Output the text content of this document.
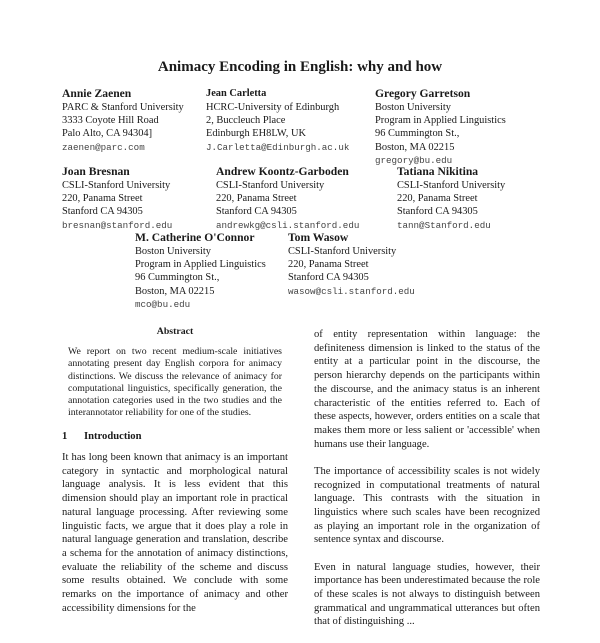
Animacy Encoding in English: why and how
Annie Zaenen
PARC & Stanford University
3333 Coyote Hill Road
Palo Alto, CA 94304]
zaenen@parc.com
Jean Carletta
HCRC-University of Edinburgh
2, Buccleuch Place
Edinburgh EH8LW, UK
J.Carletta@Edinburgh.ac.uk
Gregory Garretson
Boston University
Program in Applied Linguistics
96 Cummington St.,
Boston, MA 02215
gregory@bu.edu
Joan Bresnan
CSLI-Stanford University
220, Panama Street
Stanford CA 94305
bresnan@stanford.edu
Andrew Koontz-Garboden
CSLI-Stanford University
220, Panama Street
Stanford CA 94305
andrewkg@csli.stanford.edu
Tatiana Nikitina
CSLI-Stanford University
220, Panama Street
Stanford CA 94305
tann@Stanford.edu
M. Catherine O'Connor
Boston University
Program in Applied Linguistics
96 Cummington St.,
Boston, MA 02215
mco@bu.edu
Tom Wasow
CSLI-Stanford University
220, Panama Street
Stanford CA 94305
wasow@csli.stanford.edu
Abstract
We report on two recent medium-scale initiatives annotating present day English corpora for animacy distinctions. We discuss the relevance of animacy for computational linguistics, specifically generation, the annotation categories used in the two studies and the interannotator reliability for one of the studies.
1 Introduction

It has long been known that animacy is an important category in syntactic and morphological natural language analysis. It is less evident that this dimension should play an important role in practical natural language processing. After reviewing some linguistic facts, we argue that it does play a role in natural language generation and translation, describe a schema for the annotation of animacy distinctions, evaluate the reliability of the scheme and discuss some results obtained. We conclude with some remarks on the importance of animacy and other accessibility dimensions for the

of entity representation within language: the definiteness dimension is linked to the status of the entity at a particular point in the discourse, the person hierarchy depends on the participants within the discourse, and the animacy status is an inherent characteristic of the entities referred to. Each of these aspects, however, orders entities on a scale that makes them more or less salient or 'accessible' when humans use their language.

The importance of accessibility scales is not widely recognized in computational treatments of natural language. This contrasts with the situation in linguistics where such scales have been recognized as playing an important role in the organization of sentence syntax and discourse.

Even in natural language studies, however, their importance has been underestimated because the role of these scales is not always to distinguish between grammatical and ungrammatical utterances but often that of distinguishing ...
